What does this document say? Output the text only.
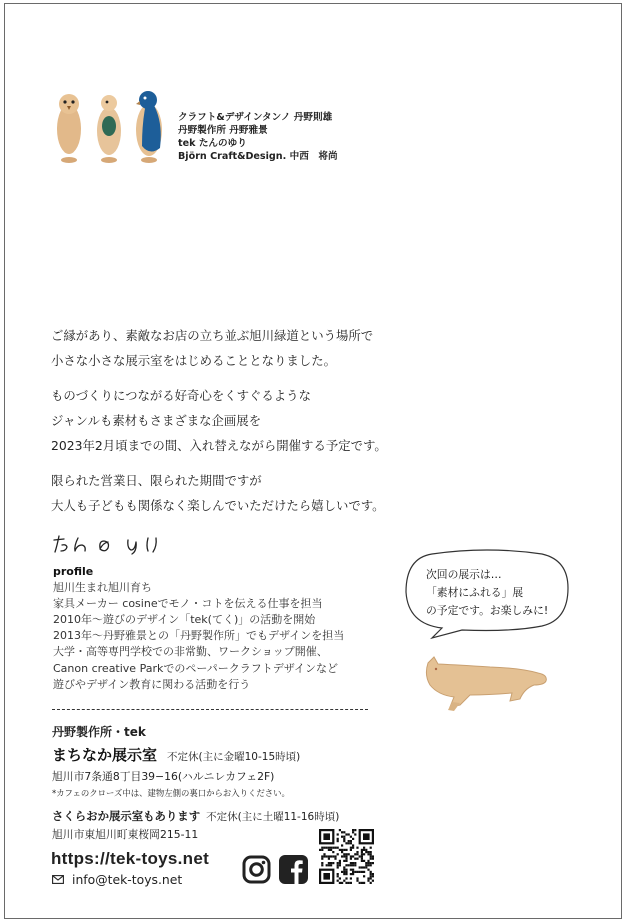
クラフト&デザインタンノ 丹野則雄
丹野製作所 丹野雅景
tek たんのゆり
Björn Craft&Design. 中西　将尚

ご縁があり、素敵なお店の立ち並ぶ旭川緑道という場所で
小さな小さな展示室をはじめることとなりました。

ものづくりにつながる好奇心をくすぐるような
ジャンルも素材もさまざまな企画展を
2023年2月頃までの間、入れ替えながら開催する予定です。

限られた営業日、限られた期間ですが
大人も子どもも関係なく楽しんでいただけたら嬉しいです。

profile
旭川生まれ旭川育ち
家具メーカー cosineでモノ・コトを伝える仕事を担当
2010年〜遊びのデザイン「tek(てく)」の活動を開始
2013年〜丹野雅景との「丹野製作所」でもデザインを担当
大学・高等専門学校での非常勤、ワークショップ開催、
Canon creative Parkでのペーパークラフトデザインなど
遊びやデザイン教育に関わる活動を行う
次回の展示は…
「素材にふれる」展
の予定です。お楽しみに!
丹野製作所・tek
まちなか展示室 不定休(主に金曜10-15時頃)
旭川市7条通8丁目39−16(ハルニレカフェ2F)
*カフェのクローズ中は、建物左側の裏口からお入りください。
さくらおか展示室もあります 不定休(主に土曜11-16時頃)
旭川市東旭川町東桜岡215-11
https://tek-toys.net
info@tek-toys.net
